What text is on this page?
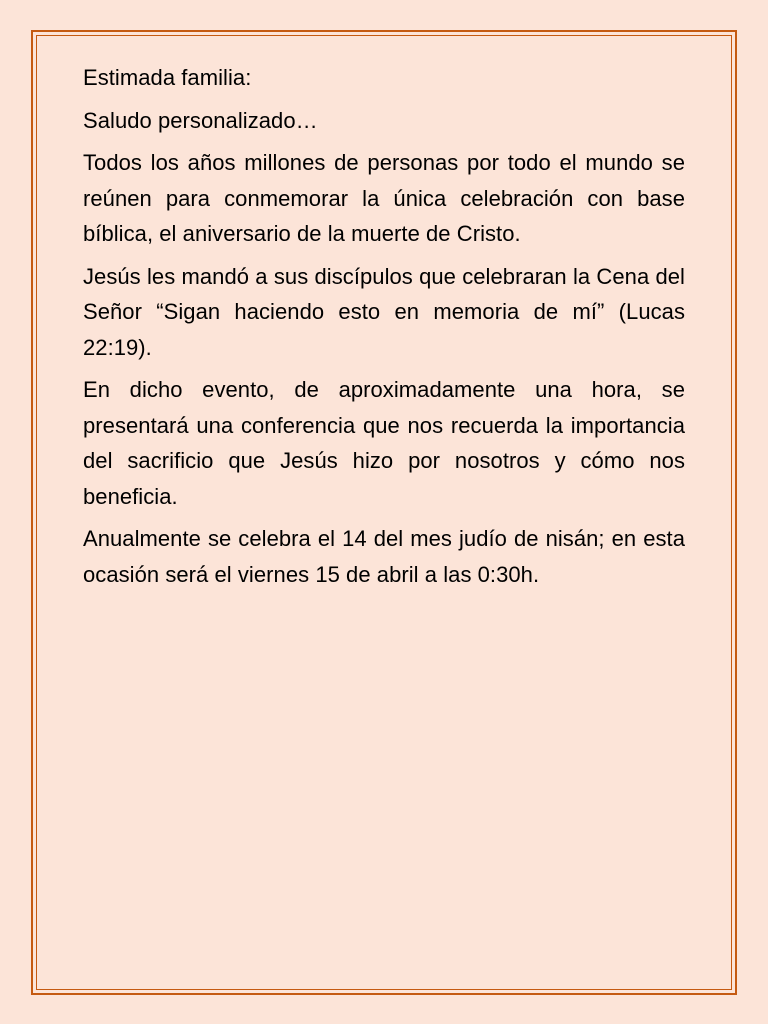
Estimada familia:

Saludo personalizado…

Todos los años millones de personas por todo el mundo se reúnen para conmemorar la única celebración con base bíblica, el aniversario de la muerte de Cristo.

Jesús les mandó a sus discípulos que celebraran la Cena del Señor “Sigan haciendo esto en memoria de mí” (Lucas 22:19).

En dicho evento, de aproximadamente una hora, se presentará una conferencia que nos recuerda la importancia del sacrificio que Jesús hizo por nosotros y cómo nos beneficia.

Anualmente se celebra el 14 del mes judío de nisán; en esta ocasión será el viernes 15 de abril a las 0:30h.
